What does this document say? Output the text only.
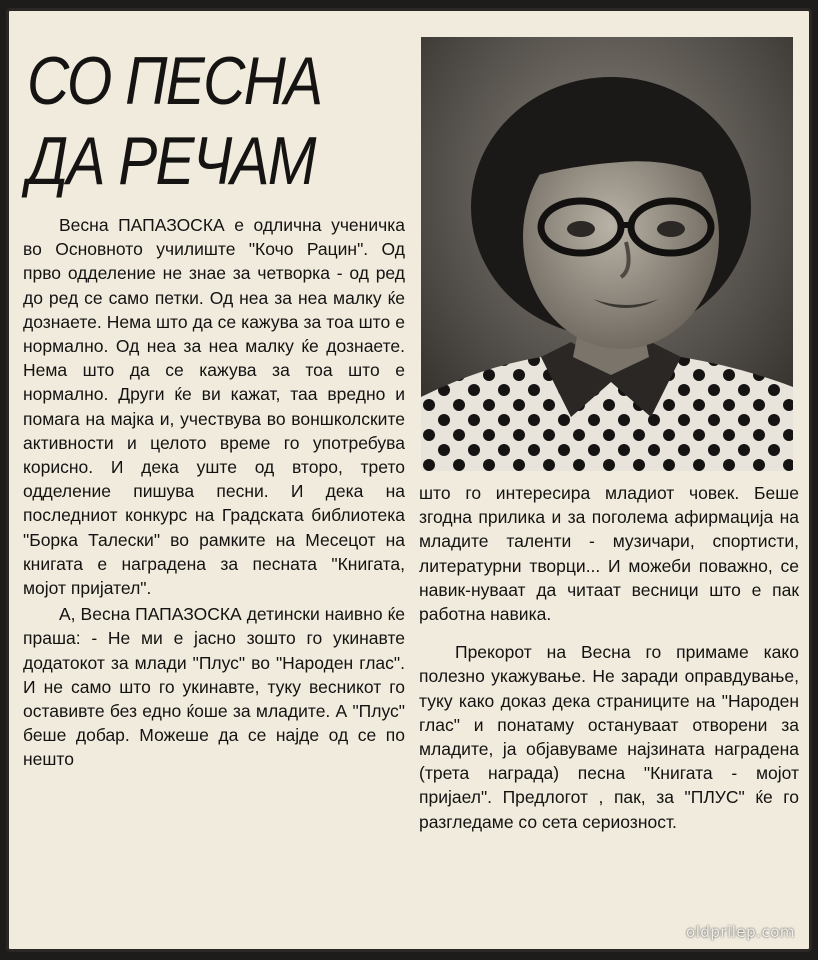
СО ПЕСНА
ДА РЕЧАМ

Весна ПАПАЗОСКА е одлична ученичка во Основното училиште "Кочо Рацин". Од прво одделение не знае за четворка - од ред до ред се само петки. Од неа за неа малку ќе дознаете. Нема што да се кажува за тоа што е нормално. Од неа за неа малку ќе дознаете. Нема што да се кажува за тоа што е нормално. Други ќе ви кажат, таа вредно и помага на мајка и, учествува во воншколските активности и целото време го употребува корисно. И дека уште од второ, трето одделение пишува песни. И дека на последниот конкурс на Градската библиотека "Борка Талески" во рамките на Месецот на книгата е наградена за песната "Книгата, мојот пријател".

А, Весна ПАПАЗОСКА детински наивно ќе праша: - Не ми е јасно зошто го укинавте додатокот за млади "Плус" во "Народен глас". И не само што го укинавте, туку весникот го оставивте без едно ќоше за младите. А "Плус" беше добар. Можеше да се најде од се по нешто

што го интересира младиот човек. Беше згодна прилика и за поголема афирмација на младите таленти - музичари, спортисти, литературни творци... И можеби поважно, се навик-нуваат да читаат весници што е пак работна навика.

Прекорот на Весна го примаме како полезно укажување. Не заради оправдување, туку како доказ дека страниците на "Народен глас" и понатаму остануваат отворени за младите, ја објавуваме најзината наградена (трета награда) песна "Книгата - мојот пријаел". Предлогот , пак, за "ПЛУС" ќе го разгледаме со сета сериозност.

oldprilep.com
